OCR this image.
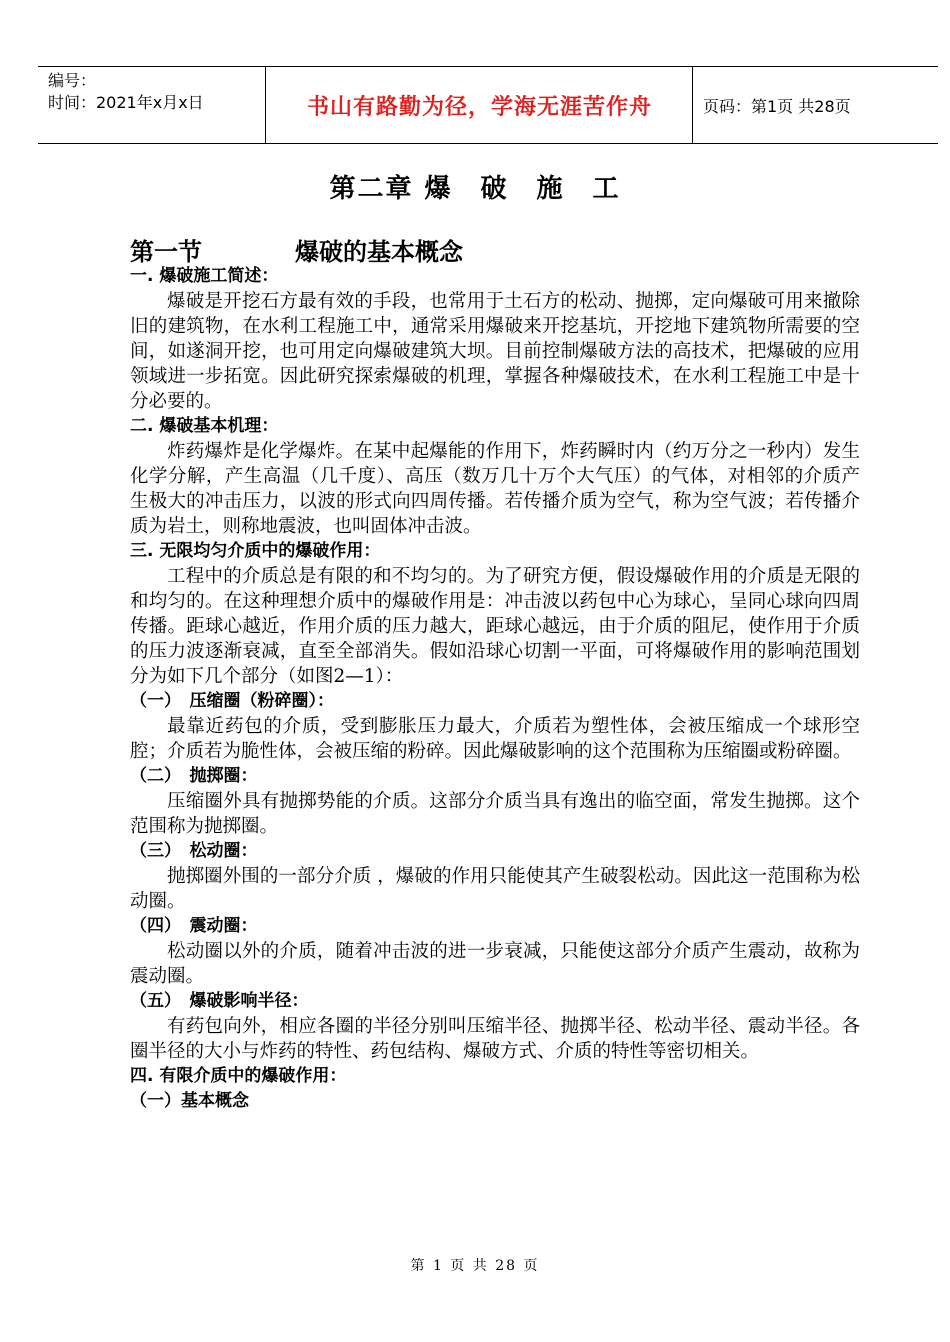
编号：
时间：2021年x月x日	书山有路勤为径，学海无涯苦作舟	页码：第1页 共28页
第二章 爆　破　施　工
第一节	爆破的基本概念
一. 爆破施工简述：
爆破是开挖石方最有效的手段，也常用于土石方的松动、抛掷，定向爆破可用来撤除旧的建筑物，在水利工程施工中，通常采用爆破来开挖基坑，开挖地下建筑物所需要的空间，如遂洞开挖，也可用定向爆破建筑大坝。目前控制爆破方法的高技术，把爆破的应用领域进一步拓宽。因此研究探索爆破的机理，掌握各种爆破技术，在水利工程施工中是十分必要的。
二. 爆破基本机理：
炸药爆炸是化学爆炸。在某中起爆能的作用下，炸药瞬时内（约万分之一秒内）发生化学分解，产生高温（几千度）、高压（数万几十万个大气压）的气体，对相邻的介质产生极大的冲击压力，以波的形式向四周传播。若传播介质为空气，称为空气波；若传播介质为岩土，则称地震波，也叫固体冲击波。
三. 无限均匀介质中的爆破作用：
工程中的介质总是有限的和不均匀的。为了研究方便，假设爆破作用的介质是无限的和均匀的。在这种理想介质中的爆破作用是：冲击波以药包中心为球心，呈同心球向四周传播。距球心越近，作用介质的压力越大，距球心越远，由于介质的阻尼，使作用于介质的压力波逐渐衰减，直至全部消失。假如沿球心切割一平面，可将爆破作用的影响范围划分为如下几个部分（如图2—1）：
（一）　压缩圈（粉碎圈）：
最靠近药包的介质，受到膨胀压力最大，介质若为塑性体，会被压缩成一个球形空腔；介质若为脆性体，会被压缩的粉碎。因此爆破影响的这个范围称为压缩圈或粉碎圈。
（二）　抛掷圈：
压缩圈外具有抛掷势能的介质。这部分介质当具有逸出的临空面，常发生抛掷。这个范围称为抛掷圈。
（三）　松动圈：
抛掷圈外围的一部分介质 ，爆破的作用只能使其产生破裂松动。因此这一范围称为松动圈。
（四）　震动圈：
松动圈以外的介质，随着冲击波的进一步衰减，只能使这部分介质产生震动，故称为震动圈。
（五）　爆破影响半径：
有药包向外，相应各圈的半径分别叫压缩半径、抛掷半径、松动半径、震动半径。各圈半径的大小与炸药的特性、药包结构、爆破方式、介质的特性等密切相关。
四. 有限介质中的爆破作用：
（一）基本概念
第 1 页 共 28 页
